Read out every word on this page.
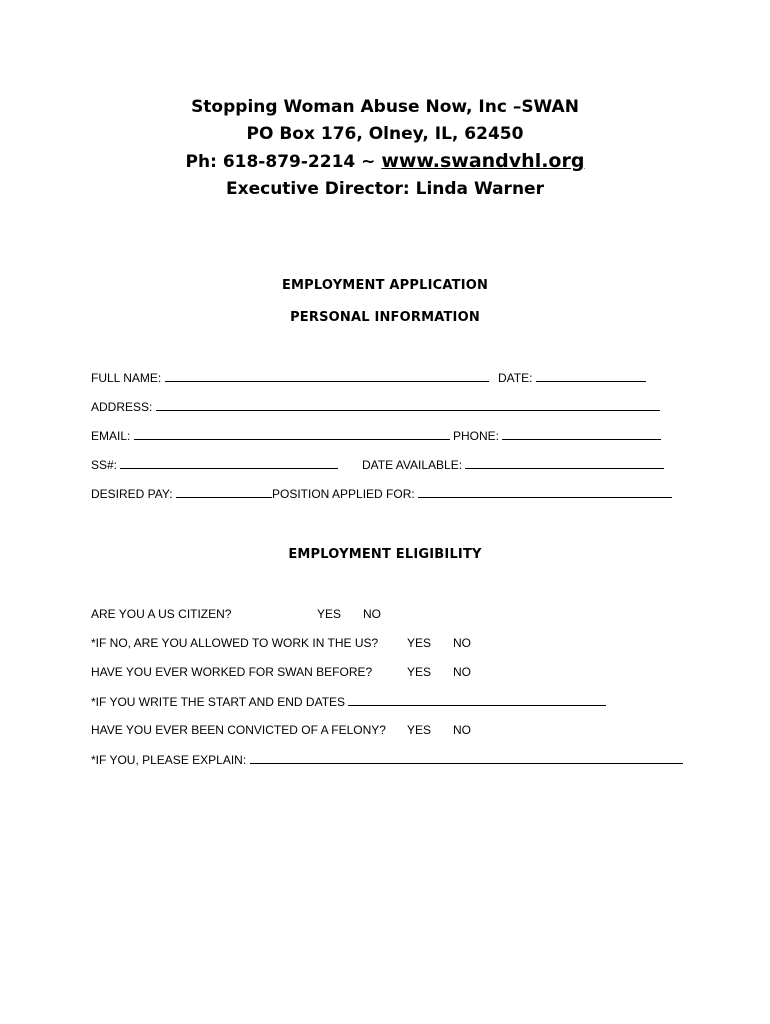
Stopping Woman Abuse Now, Inc –SWAN
PO Box 176, Olney, IL, 62450
Ph: 618-879-2214 ~ www.swandvhl.org
Executive Director: Linda Warner
EMPLOYMENT APPLICATION
PERSONAL INFORMATION
FULL NAME:	DATE:
ADDRESS:
EMAIL:	PHONE:
SS#:	DATE AVAILABLE:
DESIRED PAY:	POSITION APPLIED FOR:
EMPLOYMENT ELIGIBILITY
ARE YOU A US CITIZEN?	YES NO
*IF NO, ARE YOU ALLOWED TO WORK IN THE US? YES NO
HAVE YOU EVER WORKED FOR SWAN BEFORE?	YES NO
*IF YOU WRITE THE START AND END DATES
HAVE YOU EVER BEEN CONVICTED OF A FELONY? YES NO
*IF YOU, PLEASE EXPLAIN:
